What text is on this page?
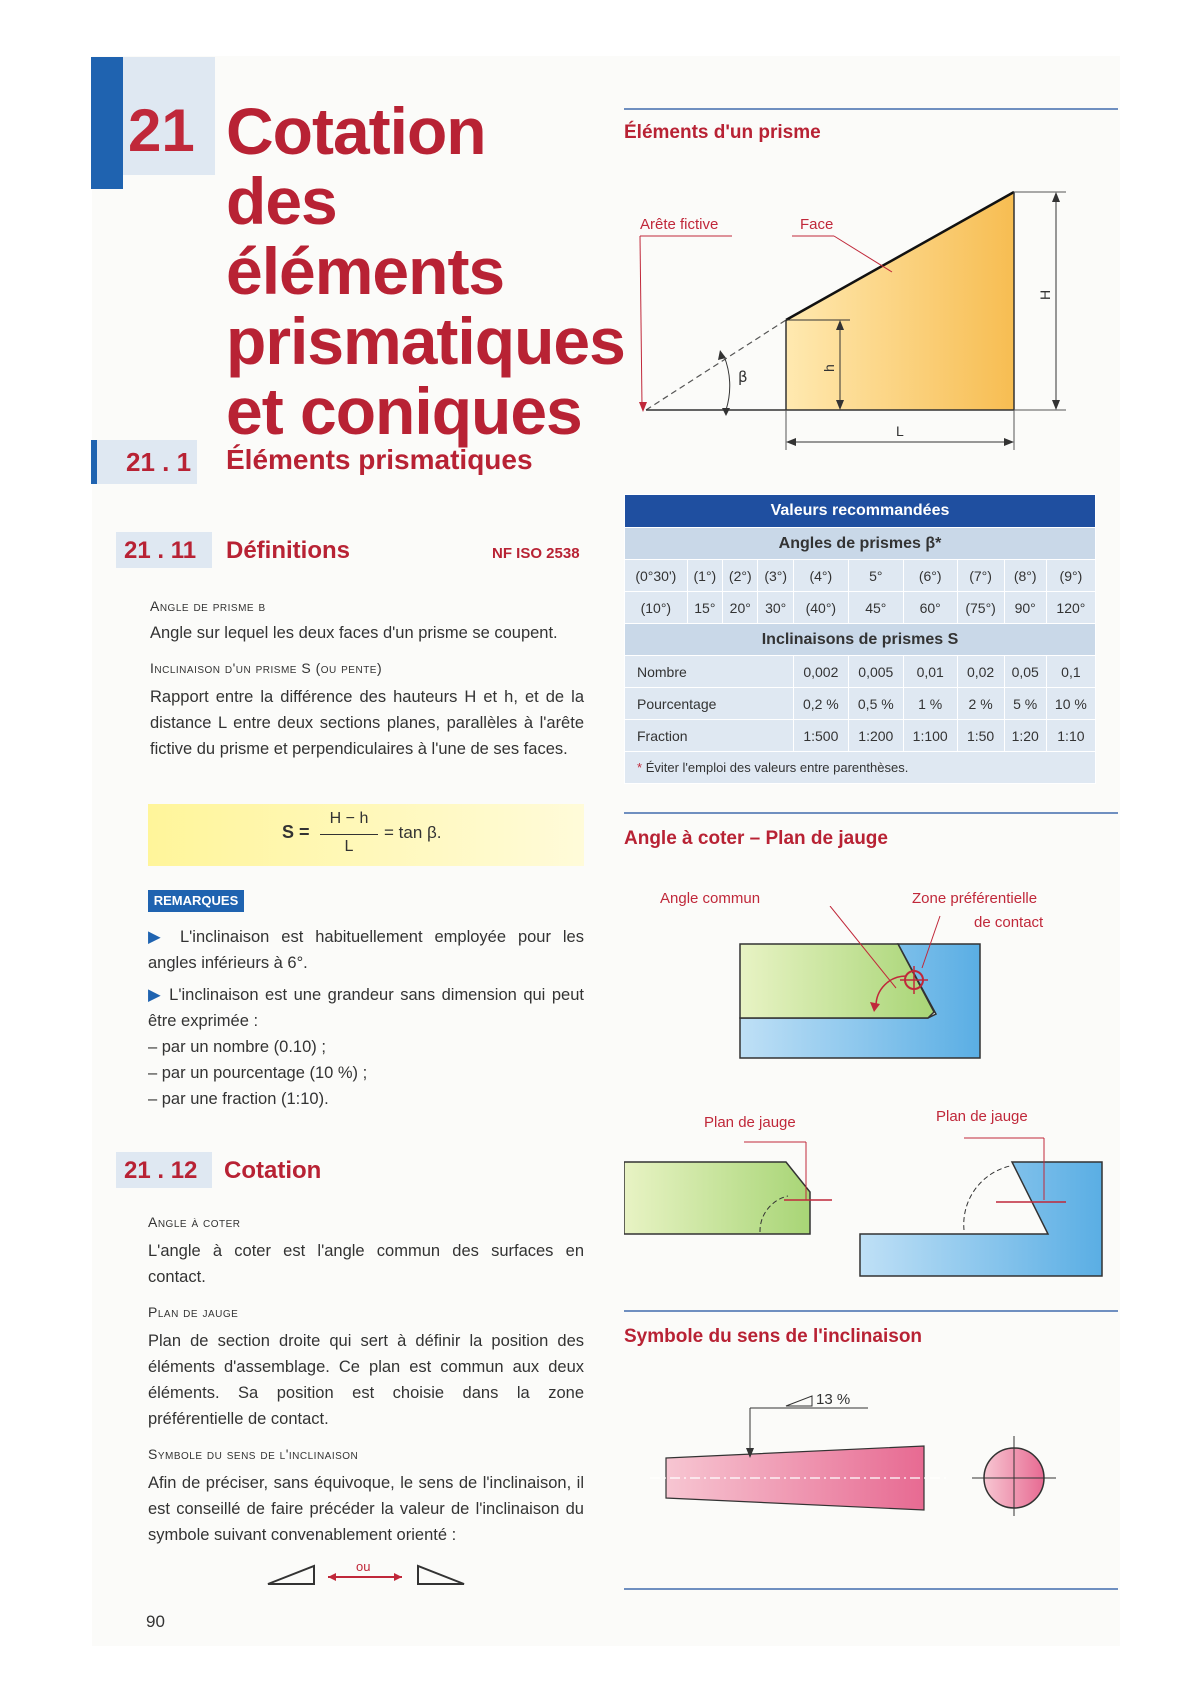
21 Cotation
des éléments
prismatiques
et coniques
21 . 1 Éléments prismatiques
21 . 11 Définitions	NF ISO 2538
Angle de prisme β
Angle sur lequel les deux faces d'un prisme se coupent.
Inclinaison d'un prisme S (ou pente)
Rapport entre la différence des hauteurs H et h, et de la distance L entre deux sections planes, parallèles à l'arête fictive du prisme et perpendiculaires à l'une de ses faces.
S =
H − h
L
= tan β.
REMARQUES
▶ L'inclinaison est habituellement employée pour les angles inférieurs à 6°.
▶ L'inclinaison est une grandeur sans dimension qui peut être exprimée :
– par un nombre (0.10) ;
– par un pourcentage (10 %) ;
– par une fraction (1:10).
21 . 12 Cotation
Angle à coter
L'angle à coter est l'angle commun des surfaces en contact.
Plan de jauge
Plan de section droite qui sert à définir la position des éléments d'assemblage. Ce plan est commun aux deux éléments. Sa position est choisie dans la zone préférentielle de contact.
Symbole du sens de l'inclinaison
Afin de préciser, sans équivoque, le sens de l'inclinaison, il est conseillé de faire précéder la valeur de l'inclinaison du symbole suivant convenablement orienté :
ou
90
Éléments d'un prisme
H
h
L
β
Arête fictive	Face
Valeurs recommandées									
Angles de prismes β*									
(0°30')	(1°)	(2°)	(3°)	(4°)	5°	(6°)	(7°)	(8°)	(9°)
(10°)	15°	20°	30°	(40°)	45°	60°	(75°)	90°	120°
Inclinaisons de prismes S									
Nombre				0,002	0,005	0,01	0,02	0,05	0,1
Pourcentage				0,2 %	0,5 %	1 %	2 %	5 %	10 %
Fraction				1:500	1:200	1:100	1:50	1:20	1:10
* Éviter l'emploi des valeurs entre parenthèses.									
Angle à coter – Plan de jauge
Angle commun	Zone préférentielle
de contact
Plan de jauge	Plan de jauge
Symbole du sens de l'inclinaison
13 %
